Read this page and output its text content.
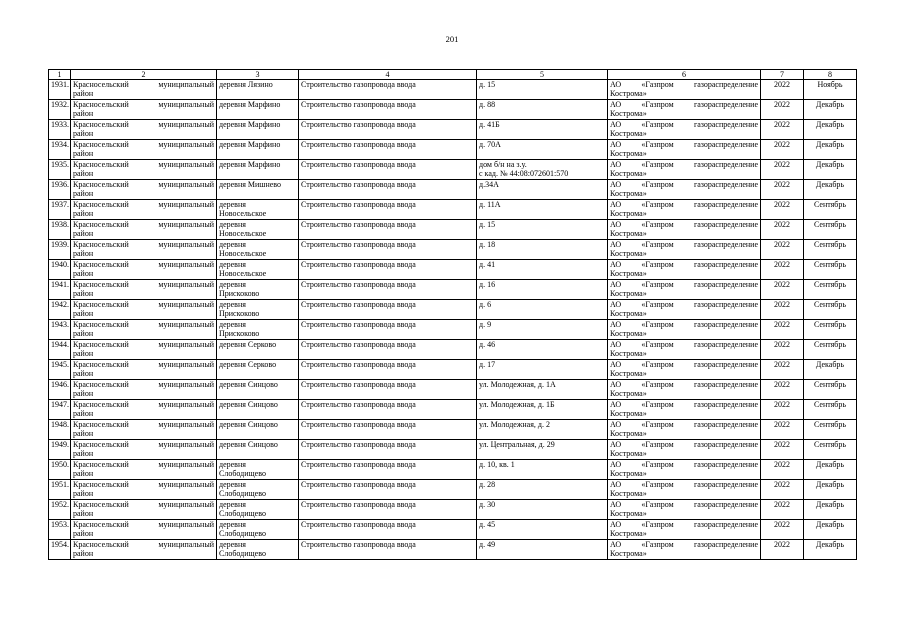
201
1	2	3	4	5	6	7	8
1931.	Красносельский муниципальный
район	деревня Лязино	Строительство газопровода ввода	д. 15	АО «Газпром газораспределение
Кострома»	2022	Ноябрь
1932.	Красносельский муниципальный
район	деревня Марфино	Строительство газопровода ввода	д. 88	АО «Газпром газораспределение
Кострома»	2022	Декабрь
1933.	Красносельский муниципальный
район	деревня Марфино	Строительство газопровода ввода	д. 41Б	АО «Газпром газораспределение
Кострома»	2022	Декабрь
1934.	Красносельский муниципальный
район	деревня Марфино	Строительство газопровода ввода	д. 70А	АО «Газпром газораспределение
Кострома»	2022	Декабрь
1935.	Красносельский муниципальный
район	деревня Марфино	Строительство газопровода ввода	дом б/н на з.у.
с кад. № 44:08:072601:570	АО «Газпром газораспределение
Кострома»	2022	Декабрь
1936.	Красносельский муниципальный
район	деревня Мишнево	Строительство газопровода ввода	д.34А	АО «Газпром газораспределение
Кострома»	2022	Декабрь
1937.	Красносельский муниципальный
район	деревня
Новосельское	Строительство газопровода ввода	д. 11А	АО «Газпром газораспределение
Кострома»	2022	Сентябрь
1938.	Красносельский муниципальный
район	деревня
Новосельское	Строительство газопровода ввода	д. 15	АО «Газпром газораспределение
Кострома»	2022	Сентябрь
1939.	Красносельский муниципальный
район	деревня
Новосельское	Строительство газопровода ввода	д. 18	АО «Газпром газораспределение
Кострома»	2022	Сентябрь
1940.	Красносельский муниципальный
район	деревня
Новосельское	Строительство газопровода ввода	д. 41	АО «Газпром газораспределение
Кострома»	2022	Сентябрь
1941.	Красносельский муниципальный
район	деревня
Прискоково	Строительство газопровода ввода	д. 16	АО «Газпром газораспределение
Кострома»	2022	Сентябрь
1942.	Красносельский муниципальный
район	деревня
Прискоково	Строительство газопровода ввода	д. 6	АО «Газпром газораспределение
Кострома»	2022	Сентябрь
1943.	Красносельский муниципальный
район	деревня
Прискоково	Строительство газопровода ввода	д. 9	АО «Газпром газораспределение
Кострома»	2022	Сентябрь
1944.	Красносельский муниципальный
район	деревня Серково	Строительство газопровода ввода	д. 46	АО «Газпром газораспределение
Кострома»	2022	Сентябрь
1945.	Красносельский муниципальный
район	деревня Серково	Строительство газопровода ввода	д. 17	АО «Газпром газораспределение
Кострома»	2022	Декабрь
1946.	Красносельский муниципальный
район	деревня Синцово	Строительство газопровода ввода	ул. Молодежная, д. 1А	АО «Газпром газораспределение
Кострома»	2022	Сентябрь
1947.	Красносельский муниципальный
район	деревня Синцово	Строительство газопровода ввода	ул. Молодежная, д. 1Б	АО «Газпром газораспределение
Кострома»	2022	Сентябрь
1948.	Красносельский муниципальный
район	деревня Синцово	Строительство газопровода ввода	ул. Молодежная, д. 2	АО «Газпром газораспределение
Кострома»	2022	Сентябрь
1949.	Красносельский муниципальный
район	деревня Синцово	Строительство газопровода ввода	ул. Центральная, д. 29	АО «Газпром газораспределение
Кострома»	2022	Сентябрь
1950.	Красносельский муниципальный
район	деревня
Слободищево	Строительство газопровода ввода	д. 10, кв. 1	АО «Газпром газораспределение
Кострома»	2022	Декабрь
1951.	Красносельский муниципальный
район	деревня
Слободищево	Строительство газопровода ввода	д. 28	АО «Газпром газораспределение
Кострома»	2022	Декабрь
1952.	Красносельский муниципальный
район	деревня
Слободищево	Строительство газопровода ввода	д. 30	АО «Газпром газораспределение
Кострома»	2022	Декабрь
1953.	Красносельский муниципальный
район	деревня
Слободищево	Строительство газопровода ввода	д. 45	АО «Газпром газораспределение
Кострома»	2022	Декабрь
1954.	Красносельский муниципальный
район	деревня
Слободищево	Строительство газопровода ввода	д. 49	АО «Газпром газораспределение
Кострома»	2022	Декабрь
